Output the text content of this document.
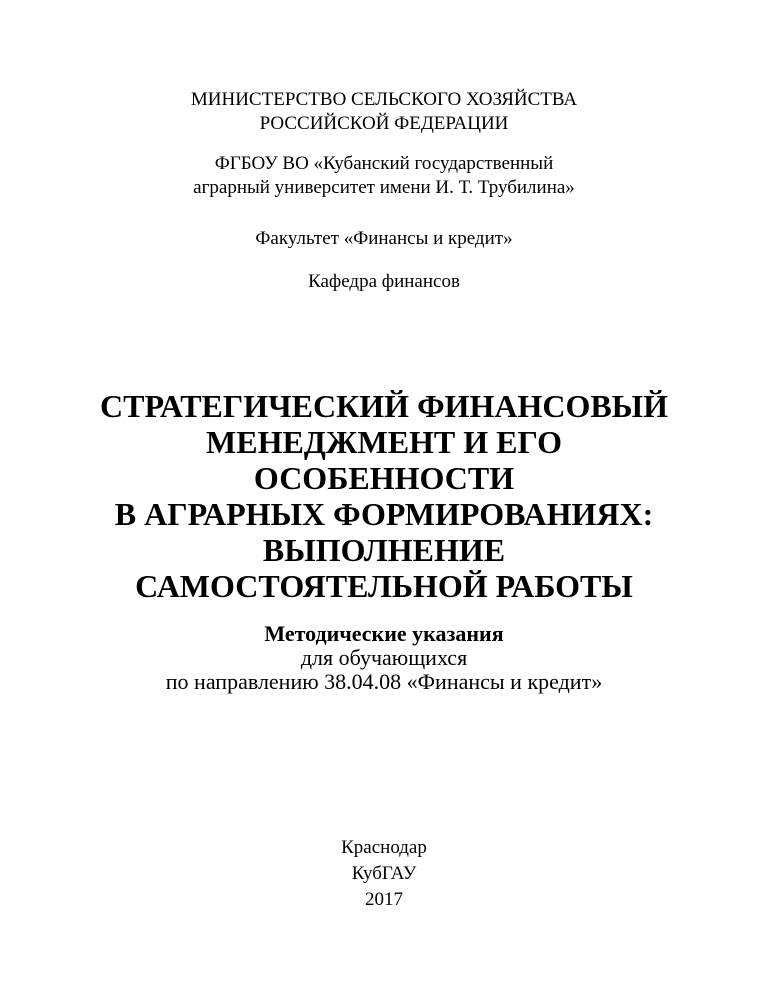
МИНИСТЕРСТВО СЕЛЬСКОГО ХОЗЯЙСТВА
РОССИЙСКОЙ ФЕДЕРАЦИИ
ФГБОУ ВО «Кубанский государственный
аграрный университет имени И. Т. Трубилина»
Факультет «Финансы и кредит»
Кафедра финансов
СТРАТЕГИЧЕСКИЙ ФИНАНСОВЫЙ
МЕНЕДЖМЕНТ И ЕГО
ОСОБЕННОСТИ
В АГРАРНЫХ ФОРМИРОВАНИЯХ:
ВЫПОЛНЕНИЕ
САМОСТОЯТЕЛЬНОЙ РАБОТЫ
Методические указания
для обучающихся
по направлению 38.04.08 «Финансы и кредит»
Краснодар
КубГАУ
2017
